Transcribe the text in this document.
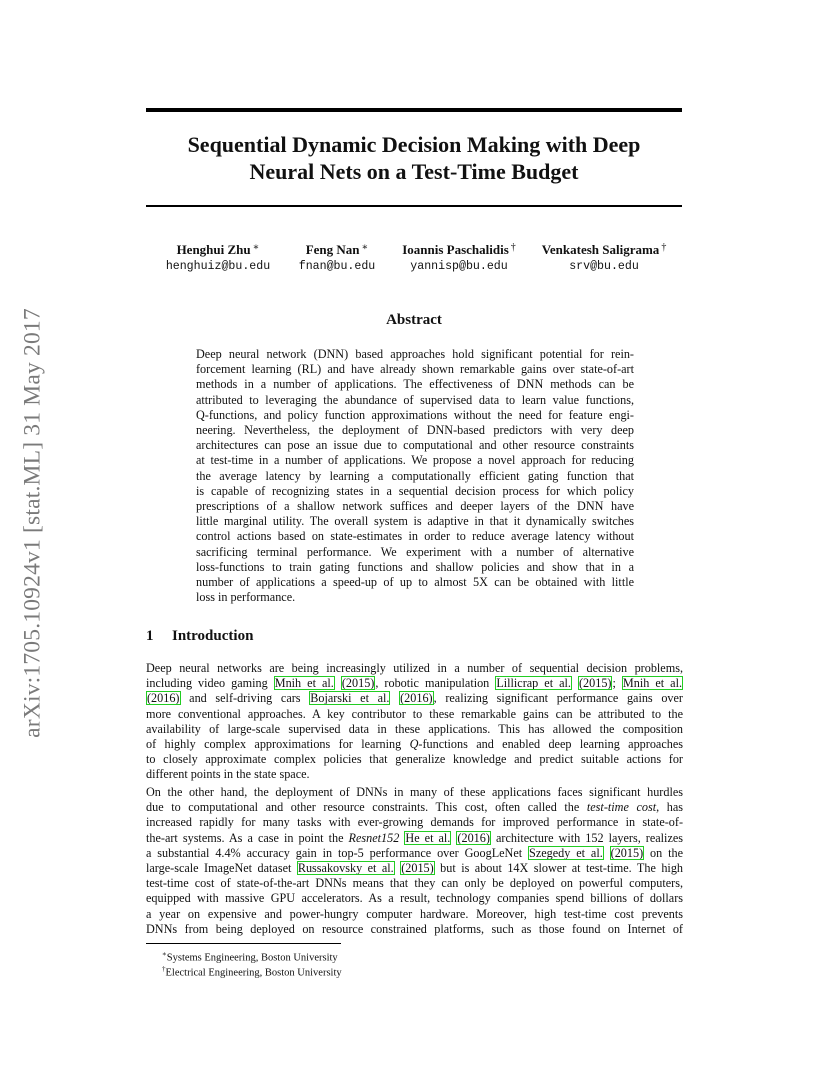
arXiv:1705.10924v1 [stat.ML] 31 May 2017
Sequential Dynamic Decision Making with Deep
Neural Nets on a Test-Time Budget
Henghui Zhu ∗
henghuiz@bu.edu
Feng Nan ∗
fnan@bu.edu
Ioannis Paschalidis †
yannisp@bu.edu
Venkatesh Saligrama †
srv@bu.edu
Abstract
Deep neural network (DNN) based approaches hold significant potential for rein-
forcement learning (RL) and have already shown remarkable gains over state-of-art
methods in a number of applications. The effectiveness of DNN methods can be
attributed to leveraging the abundance of supervised data to learn value functions,
Q-functions, and policy function approximations without the need for feature engi-
neering. Nevertheless, the deployment of DNN-based predictors with very deep
architectures can pose an issue due to computational and other resource constraints
at test-time in a number of applications. We propose a novel approach for reducing
the average latency by learning a computationally efficient gating function that
is capable of recognizing states in a sequential decision process for which policy
prescriptions of a shallow network suffices and deeper layers of the DNN have
little marginal utility. The overall system is adaptive in that it dynamically switches
control actions based on state-estimates in order to reduce average latency without
sacrificing terminal performance. We experiment with a number of alternative
loss-functions to train gating functions and shallow policies and show that in a
number of applications a speed-up of up to almost 5X can be obtained with little
loss in performance.
1 Introduction
Deep neural networks are being increasingly utilized in a number of sequential decision problems,
including video gaming Mnih et al. (2015), robotic manipulation Lillicrap et al. (2015); Mnih et al.
(2016) and self-driving cars Bojarski et al. (2016), realizing significant performance gains over
more conventional approaches. A key contributor to these remarkable gains can be attributed to the
availability of large-scale supervised data in these applications. This has allowed the composition
of highly complex approximations for learning Q-functions and enabled deep learning approaches
to closely approximate complex policies that generalize knowledge and predict suitable actions for
different points in the state space.
On the other hand, the deployment of DNNs in many of these applications faces significant hurdles
due to computational and other resource constraints. This cost, often called the test-time cost, has
increased rapidly for many tasks with ever-growing demands for improved performance in state-of-
the-art systems. As a case in point the Resnet152 He et al. (2016) architecture with 152 layers, realizes
a substantial 4.4% accuracy gain in top-5 performance over GoogLeNet Szegedy et al. (2015) on the
large-scale ImageNet dataset Russakovsky et al. (2015) but is about 14X slower at test-time. The high
test-time cost of state-of-the-art DNNs means that they can only be deployed on powerful computers,
equipped with massive GPU accelerators. As a result, technology companies spend billions of dollars
a year on expensive and power-hungry computer hardware. Moreover, high test-time cost prevents
DNNs from being deployed on resource constrained platforms, such as those found on Internet of
∗Systems Engineering, Boston University
†Electrical Engineering, Boston University
